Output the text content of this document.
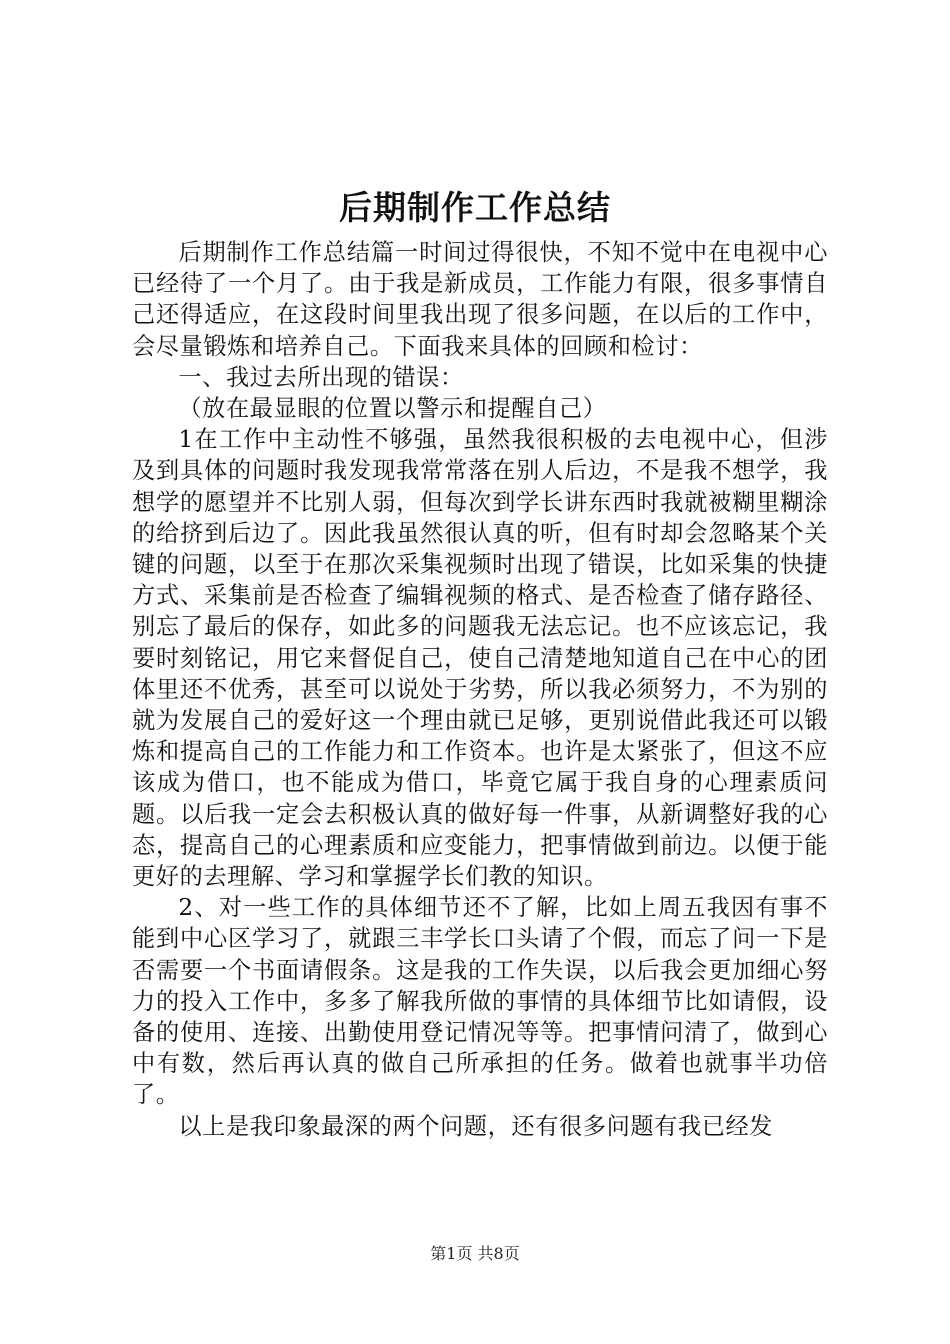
后期制作工作总结

后期制作工作总结篇一时间过得很快，不知不觉中在电视中心已经待了一个月了。由于我是新成员，工作能力有限，很多事情自己还得适应，在这段时间里我出现了很多问题，在以后的工作中，会尽量锻炼和培养自己。下面我来具体的回顾和检讨：

一、我过去所出现的错误：

（放在最显眼的位置以警示和提醒自己）

1在工作中主动性不够强，虽然我很积极的去电视中心，但涉及到具体的问题时我发现我常常落在别人后边，不是我不想学，我想学的愿望并不比别人弱，但每次到学长讲东西时我就被糊里糊涂的给挤到后边了。因此我虽然很认真的听，但有时却会忽略某个关键的问题，以至于在那次采集视频时出现了错误，比如采集的快捷方式、采集前是否检查了编辑视频的格式、是否检查了储存路径、别忘了最后的保存，如此多的问题我无法忘记。也不应该忘记，我要时刻铭记，用它来督促自己，使自己清楚地知道自己在中心的团体里还不优秀，甚至可以说处于劣势，所以我必须努力，不为别的就为发展自己的爱好这一个理由就已足够，更别说借此我还可以锻炼和提高自己的工作能力和工作资本。也许是太紧张了，但这不应该成为借口，也不能成为借口，毕竟它属于我自身的心理素质问题。以后我一定会去积极认真的做好每一件事，从新调整好我的心态，提高自己的心理素质和应变能力，把事情做到前边。以便于能更好的去理解、学习和掌握学长们教的知识。

2、对一些工作的具体细节还不了解，比如上周五我因有事不能到中心区学习了，就跟三丰学长口头请了个假，而忘了问一下是否需要一个书面请假条。这是我的工作失误，以后我会更加细心努力的投入工作中，多多了解我所做的事情的具体细节比如请假，设备的使用、连接、出勤使用登记情况等等。把事情问清了，做到心中有数，然后再认真的做自己所承担的任务。做着也就事半功倍了。

以上是我印象最深的两个问题，还有很多问题有我已经发

第1页 共8页
